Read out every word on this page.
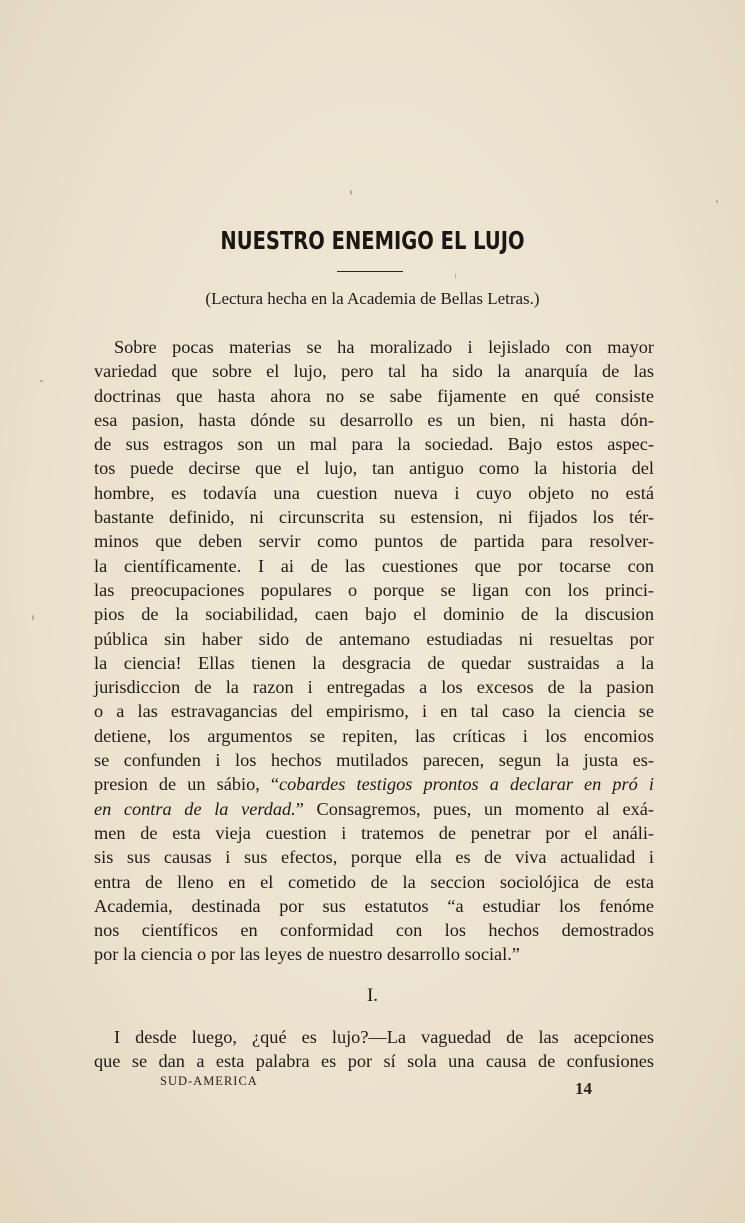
NUESTRO ENEMIGO EL LUJO
(Lectura hecha en la Academia de Bellas Letras.)
Sobre pocas materias se ha moralizado i lejislado con mayor
variedad que sobre el lujo, pero tal ha sido la anarquía de las
doctrinas que hasta ahora no se sabe fijamente en qué consiste
esa pasion, hasta dónde su desarrollo es un bien, ni hasta dón-
de sus estragos son un mal para la sociedad. Bajo estos aspec-
tos puede decirse que el lujo, tan antiguo como la historia del
hombre, es todavía una cuestion nueva i cuyo objeto no está
bastante definido, ni circunscrita su estension, ni fijados los tér-
minos que deben servir como puntos de partida para resolver-
la científicamente. I ai de las cuestiones que por tocarse con
las preocupaciones populares o porque se ligan con los princi-
pios de la sociabilidad, caen bajo el dominio de la discusion
pública sin haber sido de antemano estudiadas ni resueltas por
la ciencia! Ellas tienen la desgracia de quedar sustraidas a la
jurisdiccion de la razon i entregadas a los excesos de la pasion
o a las estravagancias del empirismo, i en tal caso la ciencia se
detiene, los argumentos se repiten, las críticas i los encomios
se confunden i los hechos mutilados parecen, segun la justa es-
presion de un sábio, “cobardes testigos prontos a declarar en pró i
en contra de la verdad.” Consagremos, pues, un momento al exá-
men de esta vieja cuestion i tratemos de penetrar por el análi-
sis sus causas i sus efectos, porque ella es de viva actualidad i
entra de lleno en el cometido de la seccion sociolójica de esta
Academia, destinada por sus estatutos “a estudiar los fenóme
nos científicos en conformidad con los hechos demostrados
por la ciencia o por las leyes de nuestro desarrollo social.”
I.
I desde luego, ¿qué es lujo?—La vaguedad de las acepciones
que se dan a esta palabra es por sí sola una causa de confusiones
SUD-AMERICA	14
